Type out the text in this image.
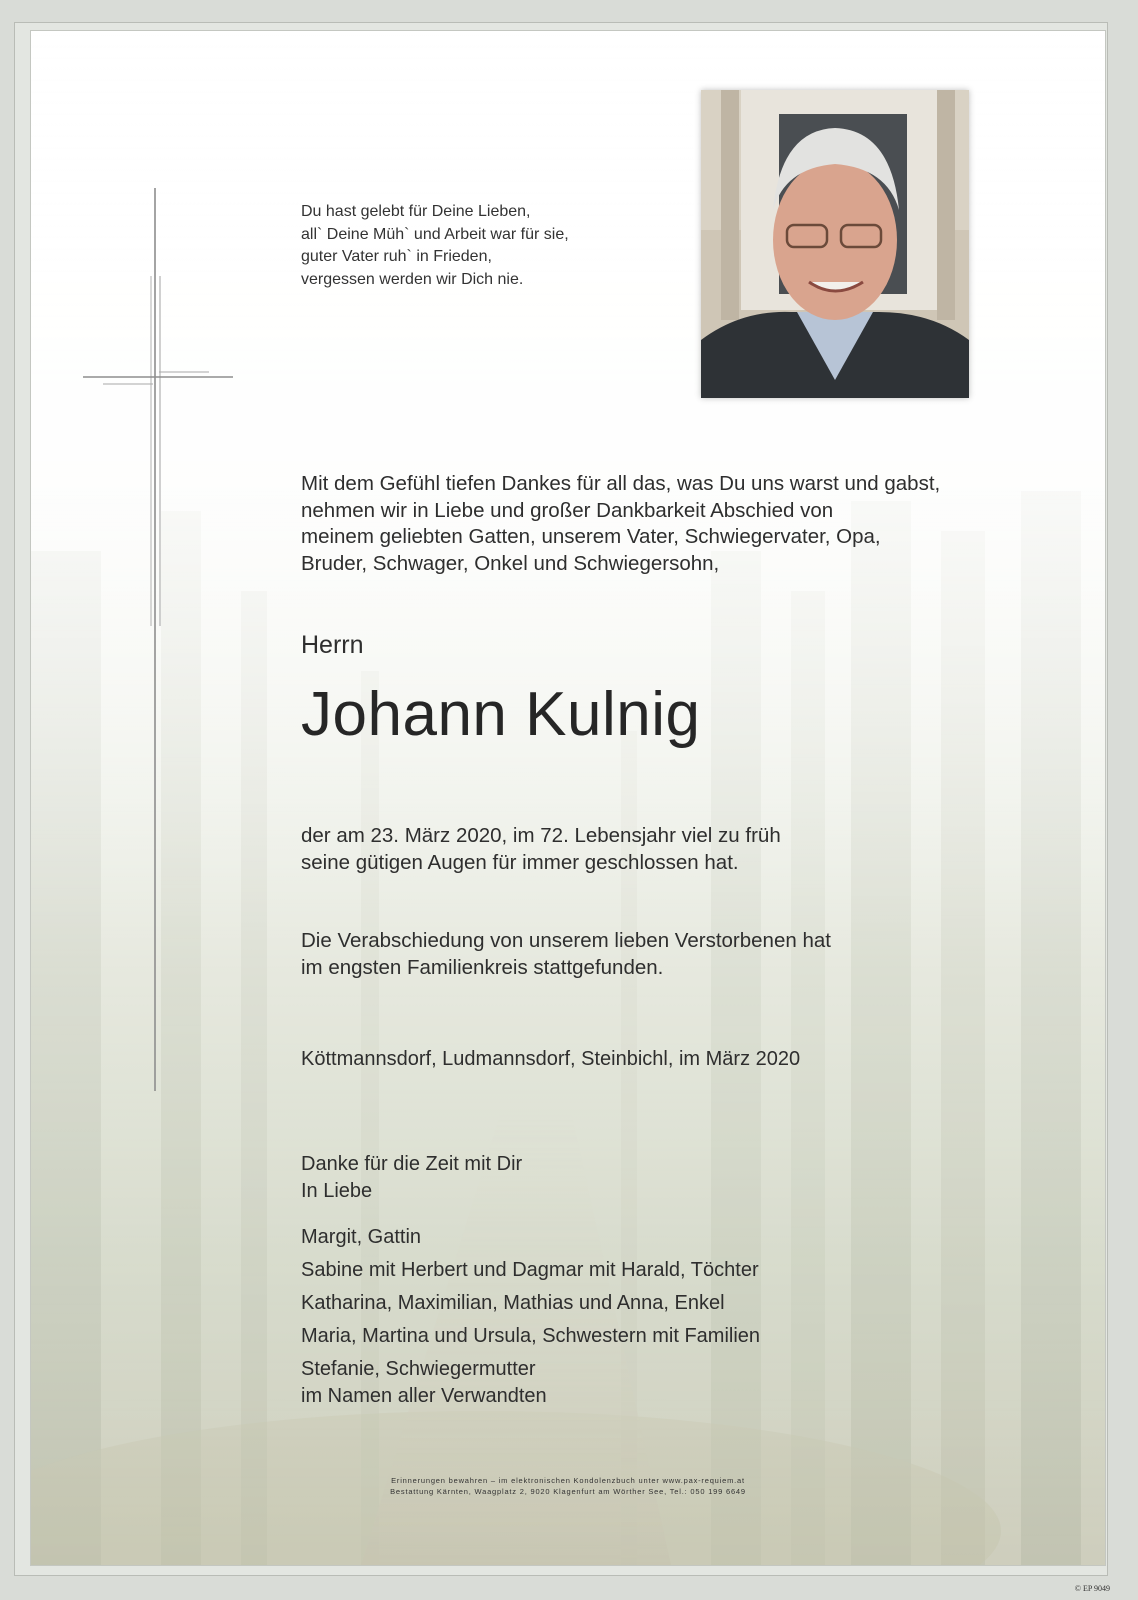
Du hast gelebt für Deine Lieben,
all` Deine Müh` und Arbeit war für sie,
guter Vater ruh` in Frieden,
vergessen werden wir Dich nie.
Mit dem Gefühl tiefen Dankes für all das, was Du uns warst und gabst,
nehmen wir in Liebe und großer Dankbarkeit Abschied von
meinem geliebten Gatten, unserem Vater, Schwiegervater, Opa,
Bruder, Schwager, Onkel und Schwiegersohn,
Herrn
Johann Kulnig
der am 23. März 2020, im 72. Lebensjahr viel zu früh
seine gütigen Augen für immer geschlossen hat.
Die Verabschiedung von unserem lieben Verstorbenen hat
im engsten Familienkreis stattgefunden.
Köttmannsdorf, Ludmannsdorf, Steinbichl, im März 2020
Danke für die Zeit mit Dir
In Liebe
Margit, Gattin
Sabine mit Herbert und Dagmar mit Harald, Töchter
Katharina, Maximilian, Mathias und Anna, Enkel
Maria, Martina und Ursula, Schwestern mit Familien
Stefanie, Schwiegermutter
im Namen aller Verwandten
Erinnerungen bewahren – im elektronischen Kondolenzbuch unter www.pax-requiem.at
Bestattung Kärnten, Waagplatz 2, 9020 Klagenfurt am Wörther See, Tel.: 050 199 6649
© EP 9049
